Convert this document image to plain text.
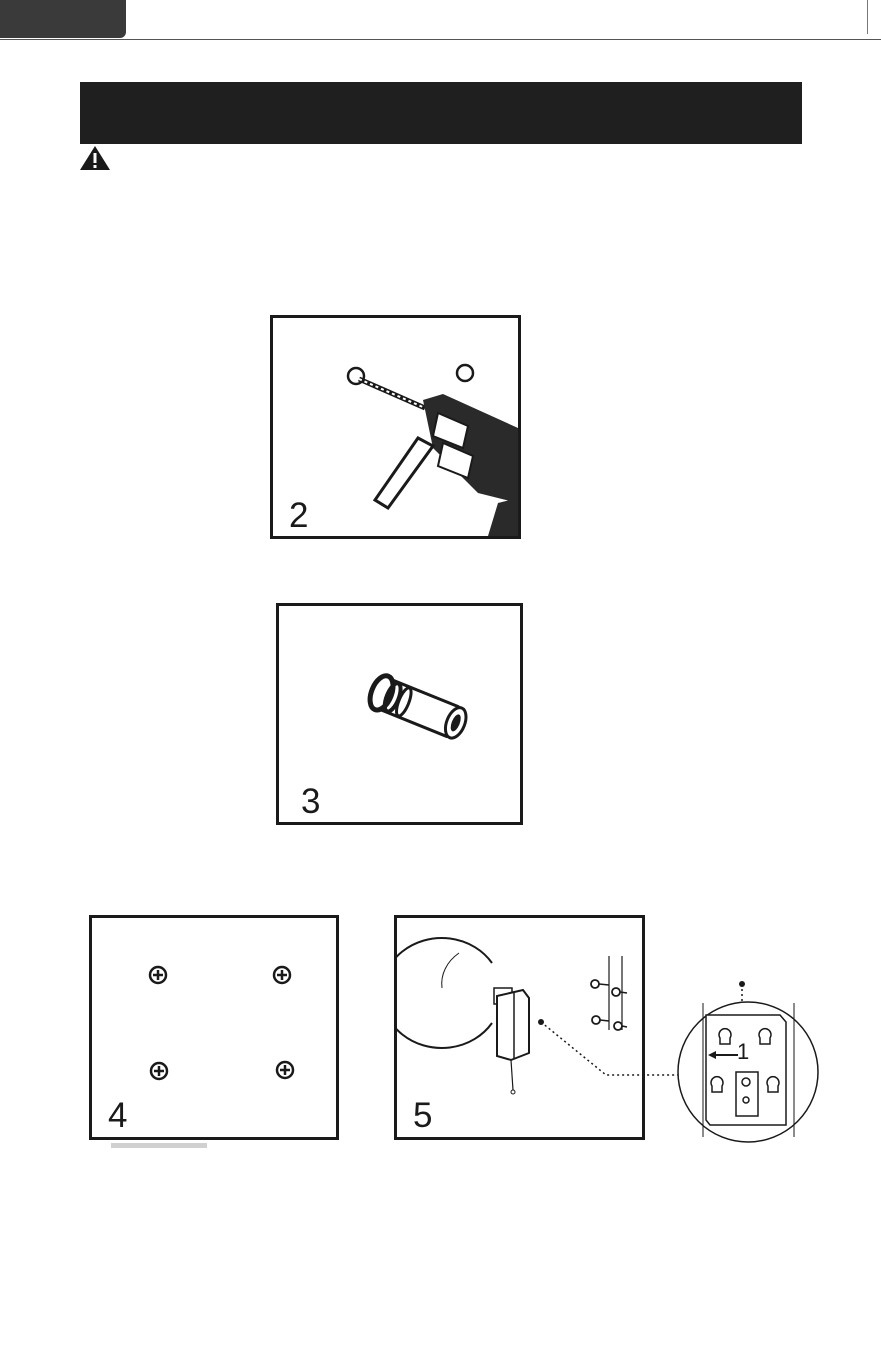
2
3
4	5
1
